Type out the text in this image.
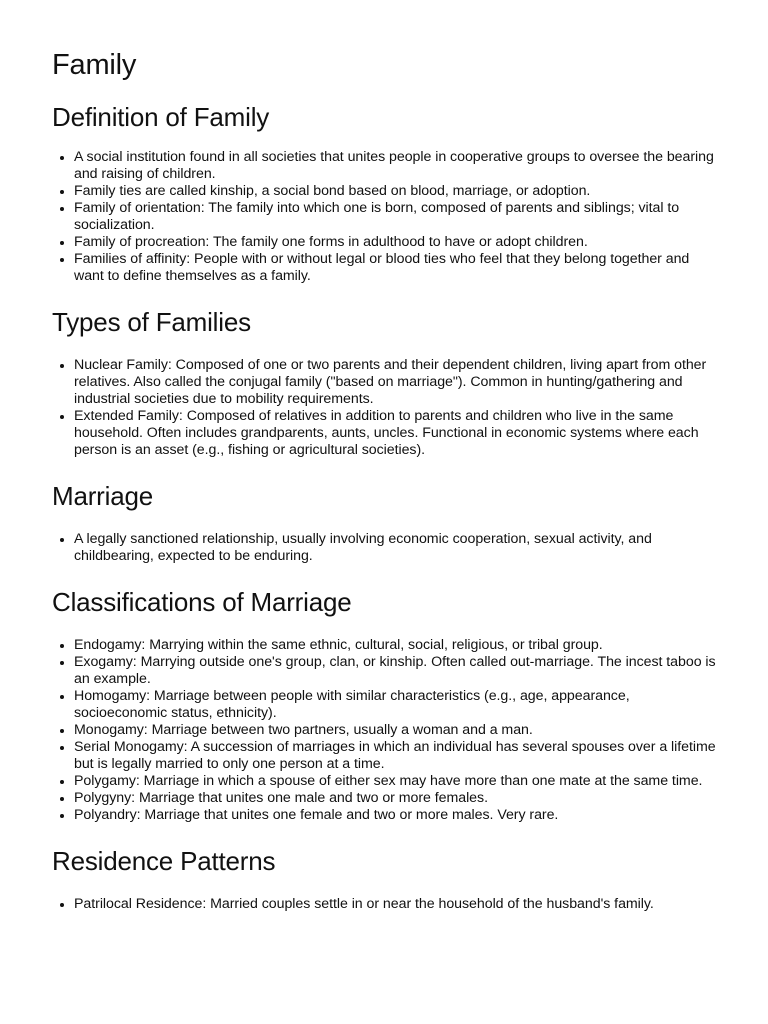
Family
Definition of Family
• A social institution found in all societies that unites people in cooperative groups to oversee the bearing and raising of children.
• Family ties are called kinship, a social bond based on blood, marriage, or adoption.
• Family of orientation: The family into which one is born, composed of parents and siblings; vital to socialization.
• Family of procreation: The family one forms in adulthood to have or adopt children.
• Families of affinity: People with or without legal or blood ties who feel that they belong together and want to define themselves as a family.
Types of Families
• Nuclear Family: Composed of one or two parents and their dependent children, living apart from other relatives. Also called the conjugal family ("based on marriage"). Common in hunting/gathering and industrial societies due to mobility requirements.
• Extended Family: Composed of relatives in addition to parents and children who live in the same household. Often includes grandparents, aunts, uncles. Functional in economic systems where each person is an asset (e.g., fishing or agricultural societies).
Marriage
• A legally sanctioned relationship, usually involving economic cooperation, sexual activity, and childbearing, expected to be enduring.
Classifications of Marriage
• Endogamy: Marrying within the same ethnic, cultural, social, religious, or tribal group.
• Exogamy: Marrying outside one's group, clan, or kinship. Often called out-marriage. The incest taboo is an example.
• Homogamy: Marriage between people with similar characteristics (e.g., age, appearance, socioeconomic status, ethnicity).
• Monogamy: Marriage between two partners, usually a woman and a man.
• Serial Monogamy: A succession of marriages in which an individual has several spouses over a lifetime but is legally married to only one person at a time.
• Polygamy: Marriage in which a spouse of either sex may have more than one mate at the same time.
• Polygyny: Marriage that unites one male and two or more females.
• Polyandry: Marriage that unites one female and two or more males. Very rare.
Residence Patterns
• Patrilocal Residence: Married couples settle in or near the household of the husband's family.
